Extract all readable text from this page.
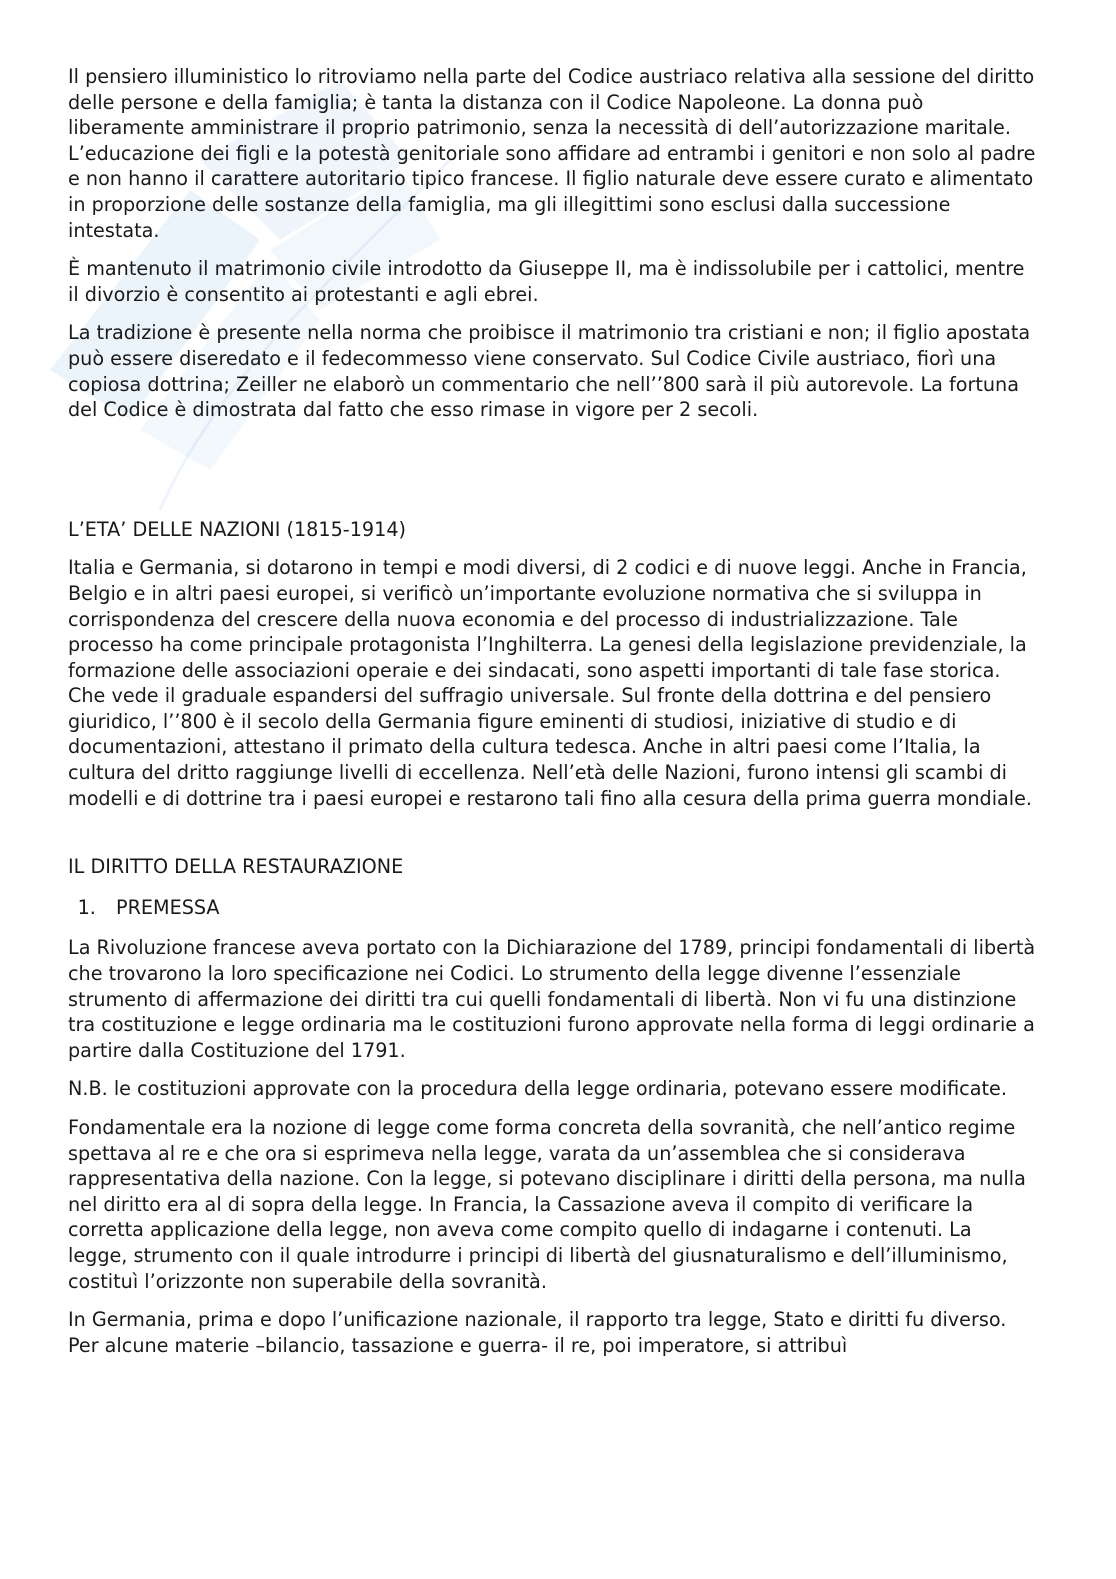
Il pensiero illuministico lo ritroviamo nella parte del Codice austriaco relativa alla sessione del diritto delle persone e della famiglia; è tanta la distanza con il Codice Napoleone. La donna può liberamente amministrare il proprio patrimonio, senza la necessità di dell’autorizzazione maritale. L’educazione dei figli e la potestà genitoriale sono affidare ad entrambi i genitori e non solo al padre e non hanno il carattere autoritario tipico francese. Il figlio naturale deve essere curato e alimentato in proporzione delle sostanze della famiglia, ma gli illegittimi sono esclusi dalla successione intestata.

È mantenuto il matrimonio civile introdotto da Giuseppe II, ma è indissolubile per i cattolici, mentre il divorzio è consentito ai protestanti e agli ebrei.

La tradizione è presente nella norma che proibisce il matrimonio tra cristiani e non; il figlio apostata può essere diseredato e il fedecommesso viene conservato. Sul Codice Civile austriaco, fiorì una copiosa dottrina; Zeiller ne elaborò un commentario che nell’’800 sarà il più autorevole. La fortuna del Codice è dimostrata dal fatto che esso rimase in vigore per 2 secoli.

L’ETA’ DELLE NAZIONI (1815-1914)

Italia e Germania, si dotarono in tempi e modi diversi, di 2 codici e di nuove leggi. Anche in Francia, Belgio e in altri paesi europei, si verificò un’importante evoluzione normativa che si sviluppa in corrispondenza del crescere della nuova economia e del processo di industrializzazione. Tale processo ha come principale protagonista l’Inghilterra. La genesi della legislazione previdenziale, la formazione delle associazioni operaie e dei sindacati, sono aspetti importanti di tale fase storica. Che vede il graduale espandersi del suffragio universale. Sul fronte della dottrina e del pensiero giuridico, l’’800 è il secolo della Germania figure eminenti di studiosi, iniziative di studio e di documentazioni, attestano il primato della cultura tedesca. Anche in altri paesi come l’Italia, la cultura del dritto raggiunge livelli di eccellenza. Nell’età delle Nazioni, furono intensi gli scambi di modelli e di dottrine tra i paesi europei e restarono tali fino alla cesura della prima guerra mondiale.

IL DIRITTO DELLA RESTAURAZIONE

1. PREMESSA

La Rivoluzione francese aveva portato con la Dichiarazione del 1789, principi fondamentali di libertà che trovarono la loro specificazione nei Codici. Lo strumento della legge divenne l’essenziale strumento di affermazione dei diritti tra cui quelli fondamentali di libertà. Non vi fu una distinzione tra costituzione e legge ordinaria ma le costituzioni furono approvate nella forma di leggi ordinarie a partire dalla Costituzione del 1791.

N.B. le costituzioni approvate con la procedura della legge ordinaria, potevano essere modificate.

Fondamentale era la nozione di legge come forma concreta della sovranità, che nell’antico regime spettava al re e che ora si esprimeva nella legge, varata da un’assemblea che si considerava rappresentativa della nazione. Con la legge, si potevano disciplinare i diritti della persona, ma nulla nel diritto era al di sopra della legge. In Francia, la Cassazione aveva il compito di verificare la corretta applicazione della legge, non aveva come compito quello di indagarne i contenuti. La legge, strumento con il quale introdurre i principi di libertà del giusnaturalismo e dell’illuminismo, costituì l’orizzonte non superabile della sovranità.

In Germania, prima e dopo l’unificazione nazionale, il rapporto tra legge, Stato e diritti fu diverso. Per alcune materie –bilancio, tassazione e guerra- il re, poi imperatore, si attribuì
